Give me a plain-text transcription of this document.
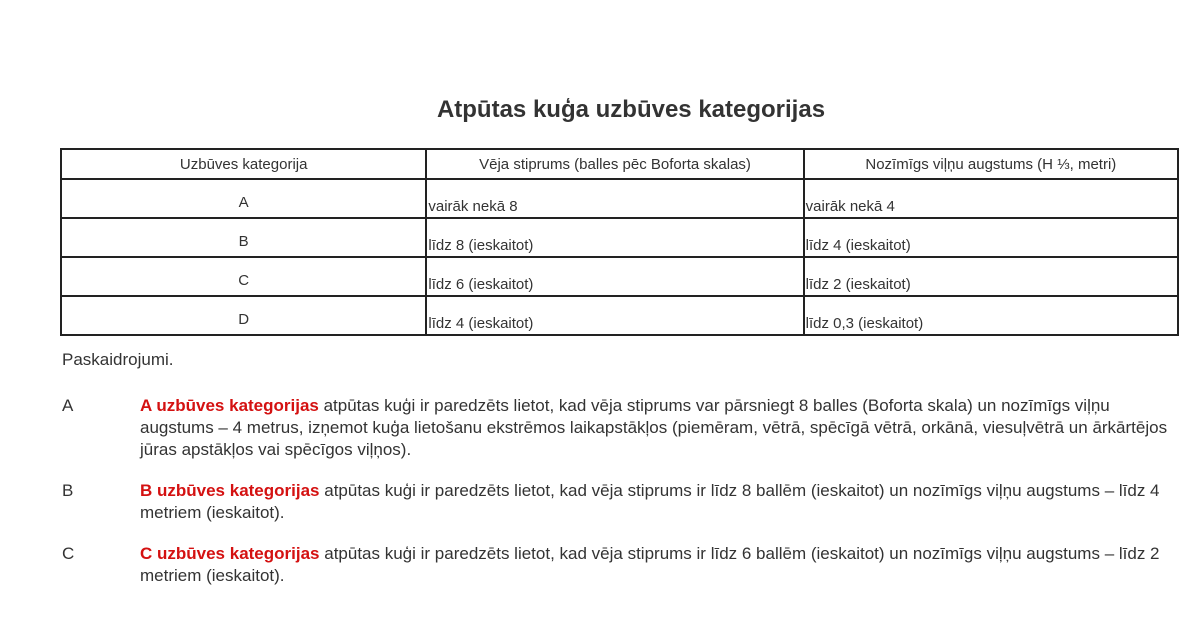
Atpūtas kuģa uzbūves kategorijas
Uzbūves kategorija	Vēja stiprums (balles pēc Boforta skalas)	Nozīmīgs viļņu augstums (H ⅓, metri)
A	vairāk nekā 8	vairāk nekā 4
B	līdz 8 (ieskaitot)	līdz 4 (ieskaitot)
C	līdz 6 (ieskaitot)	līdz 2 (ieskaitot)
D	līdz 4 (ieskaitot)	līdz 0,3 (ieskaitot)

Paskaidrojumi.

A	A uzbūves kategorijas atpūtas kuģi ir paredzēts lietot, kad vēja stiprums var pārsniegt 8 balles (Boforta skala) un nozīmīgs viļņu augstums – 4 metrus, izņemot kuģa lietošanu ekstrēmos laikapstākļos (piemēram, vētrā, spēcīgā vētrā, orkānā, viesuļvētrā un ārkārtējos jūras apstākļos vai spēcīgos viļņos).
B	B uzbūves kategorijas atpūtas kuģi ir paredzēts lietot, kad vēja stiprums ir līdz 8 ballēm (ieskaitot) un nozīmīgs viļņu augstums – līdz 4 metriem (ieskaitot).
C	C uzbūves kategorijas atpūtas kuģi ir paredzēts lietot, kad vēja stiprums ir līdz 6 ballēm (ieskaitot) un nozīmīgs viļņu augstums – līdz 2 metriem (ieskaitot).
